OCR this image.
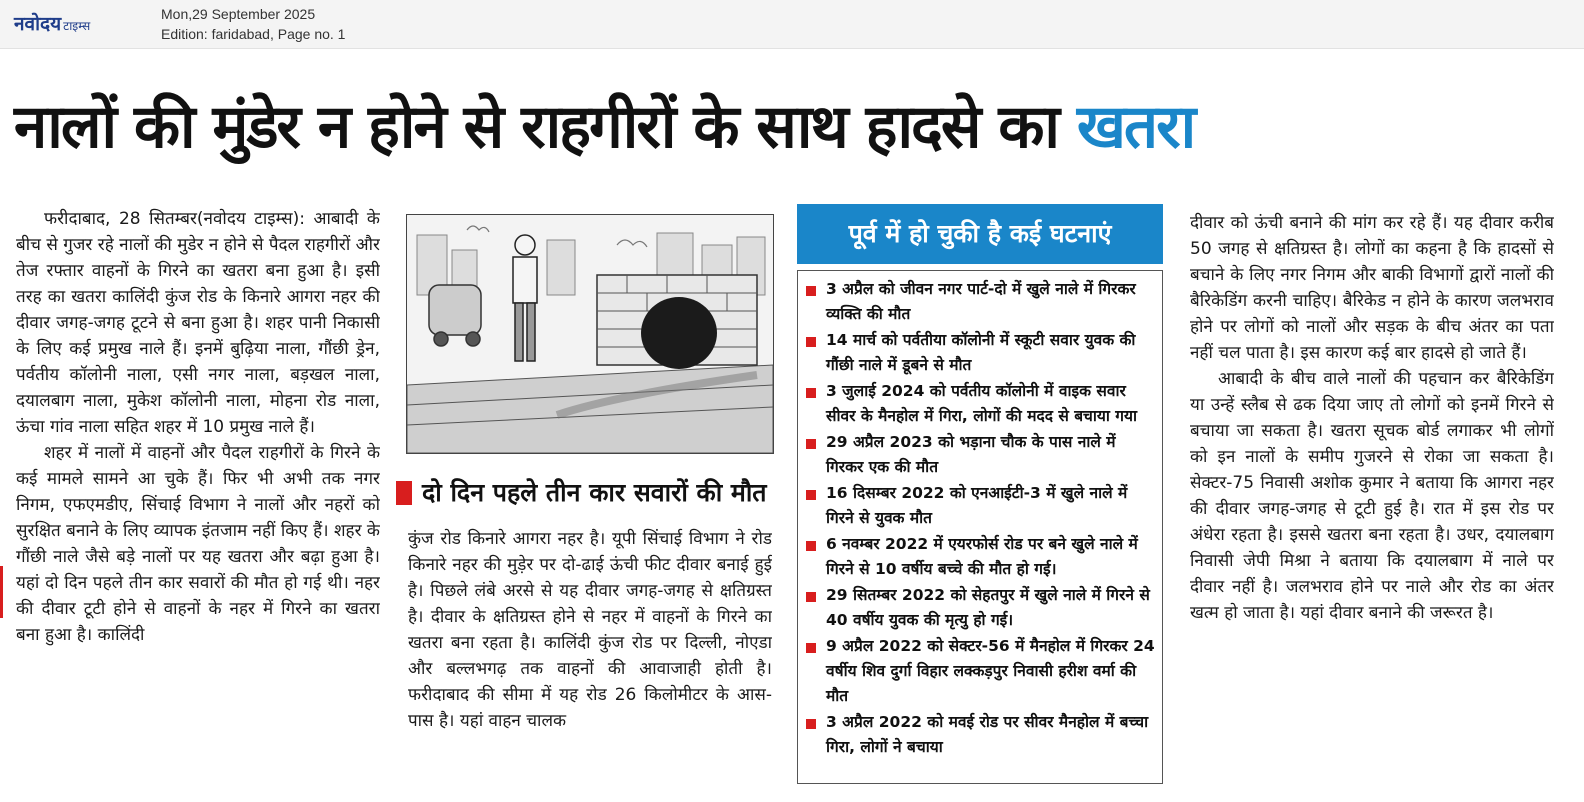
नवोदय टाइम्स
Mon,29 September 2025
Edition: faridabad, Page no. 1
नालों की मुंडेर न होने से राहगीरों के साथ हादसे का खतरा

फरीदाबाद, 28 सितम्बर(नवोदय टाइम्स): आबादी के बीच से गुजर रहे नालों की मुडेर न होने से पैदल राहगीरों और तेज रफ्तार वाहनों के गिरने का खतरा बना हुआ है। इसी तरह का खतरा कालिंदी कुंज रोड के किनारे आगरा नहर की दीवार जगह-जगह टूटने से बना हुआ है। शहर पानी निकासी के लिए कई प्रमुख नाले हैं। इनमें बुढ़िया नाला, गौंछी ड्रेन, पर्वतीय कॉलोनी नाला, एसी नगर नाला, बड़खल नाला, दयालबाग नाला, मुकेश कॉलोनी नाला, मोहना रोड नाला, ऊंचा गांव नाला सहित शहर में 10 प्रमुख नाले हैं।

शहर में नालों में वाहनों और पैदल राहगीरों के गिरने के कई मामले सामने आ चुके हैं। फिर भी अभी तक नगर निगम, एफएमडीए, सिंचाई विभाग ने नालों और नहरों को सुरक्षित बनाने के लिए व्यापक इंतजाम नहीं किए हैं। शहर के गौंछी नाले जैसे बड़े नालों पर यह खतरा और बढ़ा हुआ है। यहां दो दिन पहले तीन कार सवारों की मौत हो गई थी। नहर की दीवार टूटी होने से वाहनों के नहर में गिरने का खतरा बना हुआ है। कालिंदी

दो दिन पहले तीन कार सवारों की मौत

कुंज रोड किनारे आगरा नहर है। यूपी सिंचाई विभाग ने रोड किनारे नहर की मुडे़र पर दो-ढाई ऊंची फीट दीवार बनाई हुई है। पिछले लंबे अरसे से यह दीवार जगह-जगह से क्षतिग्रस्त है। दीवार के क्षतिग्रस्त होने से नहर में वाहनों के गिरने का खतरा बना रहता है। कालिंदी कुंज रोड पर दिल्ली, नोएडा और बल्लभगढ़ तक वाहनों की आवाजाही होती है। फरीदाबाद की सीमा में यह रोड 26 किलोमीटर के आस-पास है। यहां वाहन चालक

पूर्व में हो चुकी है कई घटनाएं
3 अप्रैल को जीवन नगर पार्ट-दो में खुले नाले में गिरकर व्यक्ति की मौत
14 मार्च को पर्वतीया कॉलोनी में स्कूटी सवार युवक की गौंछी नाले में डूबने से मौत
3 जुलाई 2024 को पर्वतीय कॉलोनी में वाइक सवार सीवर के मैनहोल में गिरा, लोगों की मदद से बचाया गया
29 अप्रैल 2023 को भड़ाना चौक के पास नाले में गिरकर एक की मौत
16 दिसम्बर 2022 को एनआईटी-3 में खुले नाले में गिरने से युवक मौत
6 नवम्बर 2022 में एयरफोर्स रोड पर बने खुले नाले में गिरने से 10 वर्षीय बच्चे की मौत हो गई।
29 सितम्बर 2022 को सेहतपुर में खुले नाले में गिरने से 40 वर्षीय युवक की मृत्यु हो गई।
9 अप्रैल 2022 को सेक्टर-56 में मैनहोल में गिरकर 24 वर्षीय शिव दुर्गा विहार लक्कड़पुर निवासी हरीश वर्मा की मौत
3 अप्रैल 2022 को मवई रोड पर सीवर मैनहोल में बच्चा गिरा, लोगों ने बचाया

दीवार को ऊंची बनाने की मांग कर रहे हैं। यह दीवार करीब 50 जगह से क्षतिग्रस्त है। लोगों का कहना है कि हादसों से बचाने के लिए नगर निगम और बाकी विभागों द्वारों नालों की बैरिकेडिंग करनी चाहिए। बैरिकेड न होने के कारण जलभराव होने पर लोगों को नालों और सड़क के बीच अंतर का पता नहीं चल पाता है। इस कारण कई बार हादसे हो जाते हैं।

आबादी के बीच वाले नालों की पहचान कर बैरिकेडिंग या उन्हें स्लैब से ढक दिया जाए तो लोगों को इनमें गिरने से बचाया जा सकता है। खतरा सूचक बोर्ड लगाकर भी लोगों को इन नालों के समीप गुजरने से रोका जा सकता है। सेक्टर-75 निवासी अशोक कुमार ने बताया कि आगरा नहर की दीवार जगह-जगह से टूटी हुई है। रात में इस रोड पर अंधेरा रहता है। इससे खतरा बना रहता है। उधर, दयालबाग निवासी जेपी मिश्रा ने बताया कि दयालबाग में नाले पर दीवार नहीं है। जलभराव होने पर नाले और रोड का अंतर खत्म हो जाता है। यहां दीवार बनाने की जरूरत है।
